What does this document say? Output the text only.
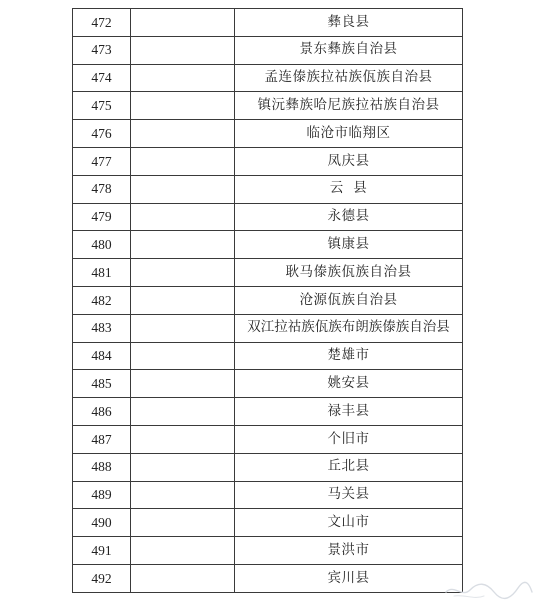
472		彝良县
473		景东彝族自治县
474		孟连傣族拉祜族佤族自治县
475		镇沅彝族哈尼族拉祜族自治县
476		临沧市临翔区
477		凤庆县
478		云  县
479		永德县
480		镇康县
481		耿马傣族佤族自治县
482		沧源佤族自治县
483		双江拉祜族佤族布朗族傣族自治县
484		楚雄市
485		姚安县
486		禄丰县
487		个旧市
488		丘北县
489		马关县
490		文山市
491		景洪市
492		宾川县
